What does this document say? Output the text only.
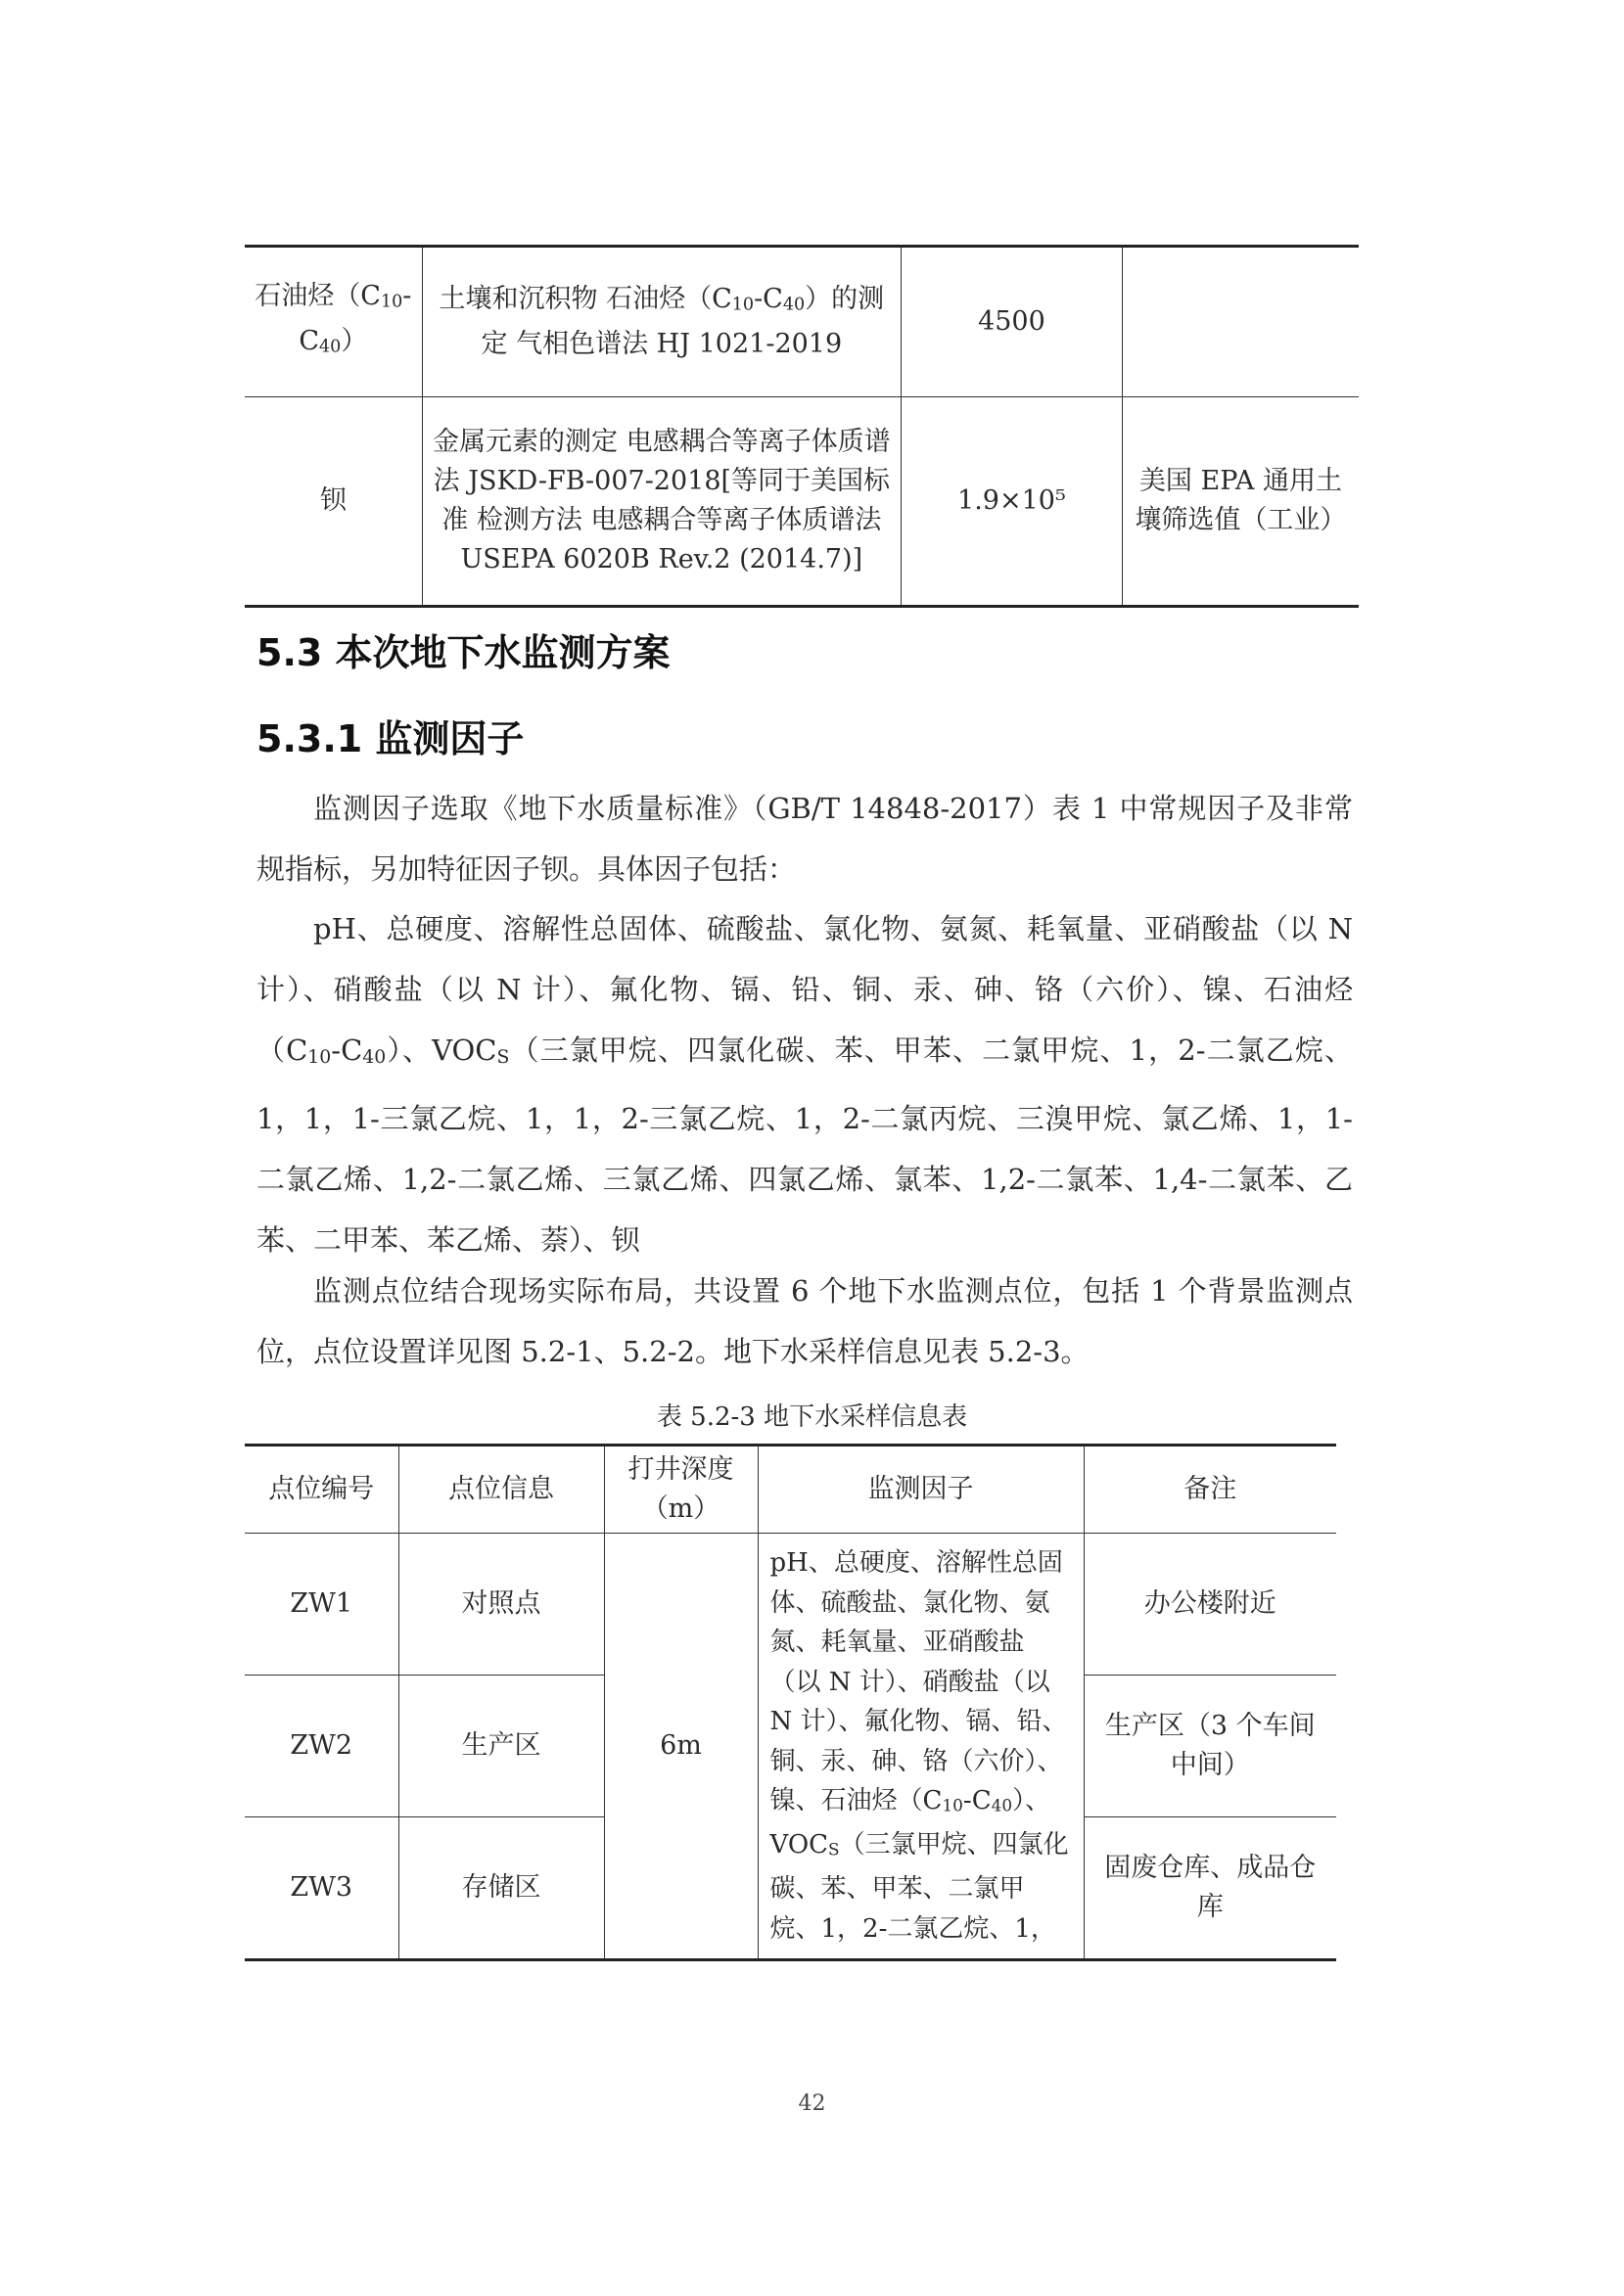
石油烃$(C_{10}-C_{40})$	土壤和沉积物 石油烃$(C_{10}-C_{40})$的测定 气相色谱法 HJ 1021-2019	4500	
钡	金属元素的测定 电感耦合等离子体质谱法 JSKD-FB-007-2018[等同于美国标准 检测方法 电感耦合等离子体质谱法 USEPA 6020B Rev.2 (2014.7)]	1.9×10⁵	美国 EPA 通用土壤筛选值（工业）
5.3 本次地下水监测方案
5.3.1 监测因子

监测因子选取《地下水质量标准》（GB/T 14848-2017）表 1 中常规因子及非常规指标，另加特征因子钡。具体因子包括：

pH、总硬度、溶解性总固体、硫酸盐、氯化物、氨氮、耗氧量、亚硝酸盐（以 N 计）、硝酸盐（以 N 计）、氟化物、镉、铅、铜、汞、砷、铬（六价）、镍、石油烃$(C_{10}-C_{40})$、$VOC_S$（三氯甲烷、四氯化碳、苯、甲苯、二氯甲烷、1，2-二氯乙烷、1，1，1-三氯乙烷、1，1，2-三氯乙烷、1，2-二氯丙烷、三溴甲烷、氯乙烯、1，1-二氯乙烯、1,2-二氯乙烯、三氯乙烯、四氯乙烯、氯苯、1,2-二氯苯、1,4-二氯苯、乙苯、二甲苯、苯乙烯、萘）、钡

监测点位结合现场实际布局，共设置 6 个地下水监测点位，包括 1 个背景监测点位，点位设置详见图 5.2-1、5.2-2。地下水采样信息见表 5.2-3。

表 5.2-3 地下水采样信息表
点位编号	点位信息	打井深度（m）	监测因子	备注
ZW1	对照点	6m	pH、总硬度、溶解性总固体、硫酸盐、氯化物、氨氮、耗氧量、亚硝酸盐（以 N 计）、硝酸盐（以 N 计）、氟化物、镉、铅、铜、汞、砷、铬（六价）、镍、石油烃$(C_{10}-C_{40})$、$VOC_S$（三氯甲烷、四氯化碳、苯、甲苯、二氯甲烷、1，2-二氯乙烷、1，	办公楼附近
ZW2	生产区			生产区（3 个车间中间）
ZW3	存储区			固废仓库、成品仓库
42
